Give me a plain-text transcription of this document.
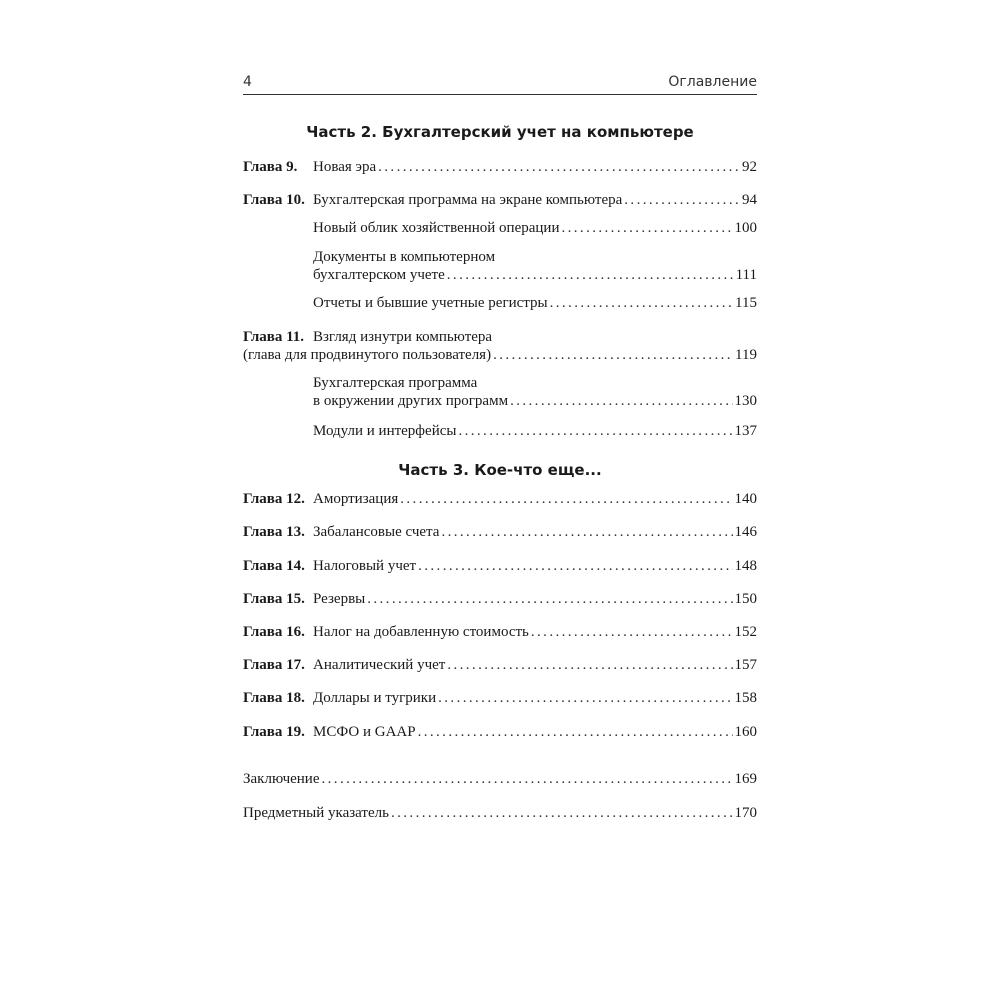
4	Оглавление
Часть 2. Бухгалтерский учет на компьютере
Глава 9.	Новая эра .....	92
Глава 10. Бухгалтерская программа на экране компьютера .....	94
Новый облик хозяйственной операции .....	100
Документы в компьютерном
бухгалтерском учете .....	111
Отчеты и бывшие учетные регистры .....	115
Глава 11. Взгляд изнутри компьютера
(глава для продвинутого пользователя) .....	119
Бухгалтерская программа
в окружении других программ .....	130
Модули и интерфейсы .....	137
Часть 3. Кое-что еще...
Глава 12. Амортизация .....	140
Глава 13. Забалансовые счета .....	146
Глава 14. Налоговый учет .....	148
Глава 15. Резервы .....	150
Глава 16. Налог на добавленную стоимость .....	152
Глава 17. Аналитический учет .....	157
Глава 18. Доллары и тугрики .....	158
Глава 19. МСФО и GAAP .....	160
Заключение .....	169
Предметный указатель .....	170
